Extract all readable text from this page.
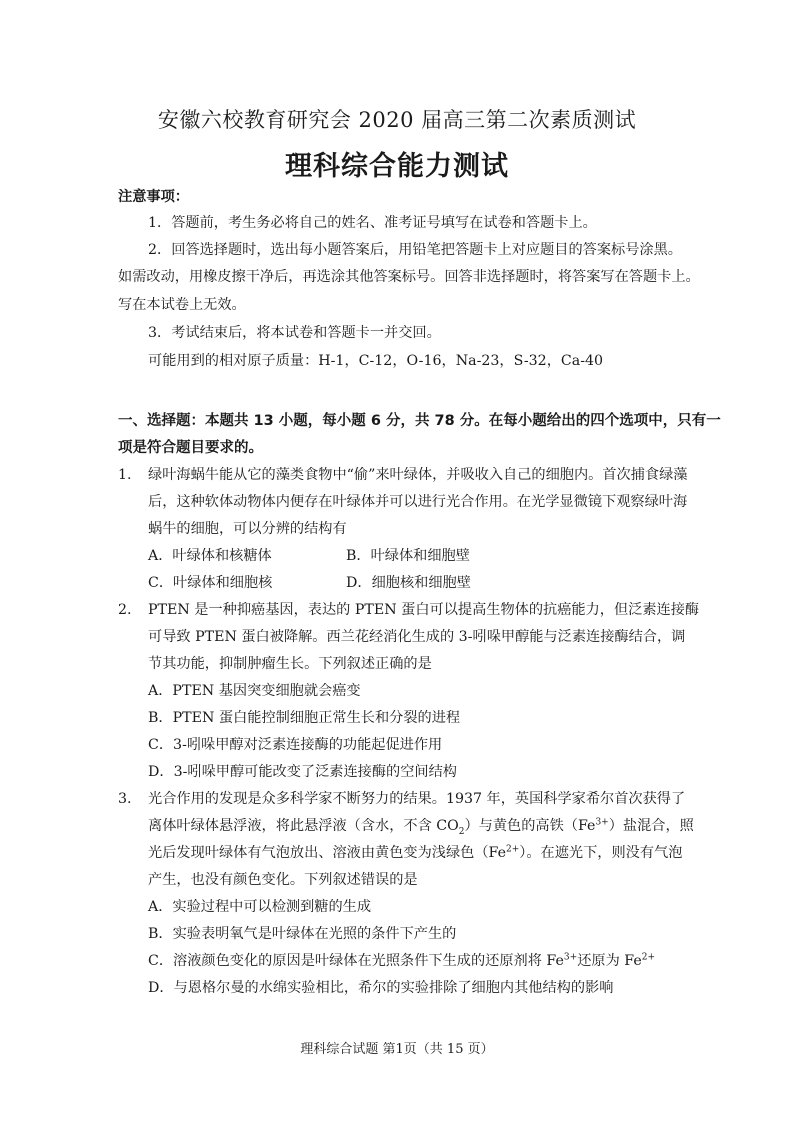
安徽六校教育研究会 2020 届高三第二次素质测试
理科综合能力测试
注意事项：
1．答题前，考生务必将自己的姓名、准考证号填写在试卷和答题卡上。
2．回答选择题时，选出每小题答案后，用铅笔把答题卡上对应题目的答案标号涂黑。
如需改动，用橡皮擦干净后，再选涂其他答案标号。回答非选择题时，将答案写在答题卡上。
写在本试卷上无效。
3．考试结束后，将本试卷和答题卡一并交回。
可能用到的相对原子质量：H-1，C-12，O-16，Na-23，S-32，Ca-40
一、选择题：本题共 13 小题，每小题 6 分，共 78 分。在每小题给出的四个选项中，只有一
项是符合题目要求的。
1. 绿叶海蜗牛能从它的藻类食物中“偷”来叶绿体，并吸收入自己的细胞内。首次捕食绿藻
后，这种软体动物体内便存在叶绿体并可以进行光合作用。在光学显微镜下观察绿叶海
蜗牛的细胞，可以分辨的结构有
A．叶绿体和核糖体	B．叶绿体和细胞壁
C．叶绿体和细胞核	D．细胞核和细胞壁
2. PTEN 是一种抑癌基因，表达的 PTEN 蛋白可以提高生物体的抗癌能力，但泛素连接酶
可导致 PTEN 蛋白被降解。西兰花经消化生成的 3-吲哚甲醇能与泛素连接酶结合，调
节其功能，抑制肿瘤生长。下列叙述正确的是
A．PTEN 基因突变细胞就会癌变
B．PTEN 蛋白能控制细胞正常生长和分裂的进程
C．3-吲哚甲醇对泛素连接酶的功能起促进作用
D．3-吲哚甲醇可能改变了泛素连接酶的空间结构
3. 光合作用的发现是众多科学家不断努力的结果。1937 年，英国科学家希尔首次获得了
离体叶绿体悬浮液，将此悬浮液（含水，不含 $CO_2$）与黄色的高铁$(Fe^{3+})$盐混合，照
光后发现叶绿体有气泡放出、溶液由黄色变为浅绿色$(Fe^{2+})$。在遮光下，则没有气泡
产生，也没有颜色变化。下列叙述错误的是
A．实验过程中可以检测到糖的生成
B．实验表明氧气是叶绿体在光照的条件下产生的
C．溶液颜色变化的原因是叶绿体在光照条件下生成的还原剂将 $Fe^{3+}$还原为 $Fe^{2+}$
D．与恩格尔曼的水绵实验相比，希尔的实验排除了细胞内其他结构的影响
理科综合试题 第1页（共 15 页）
